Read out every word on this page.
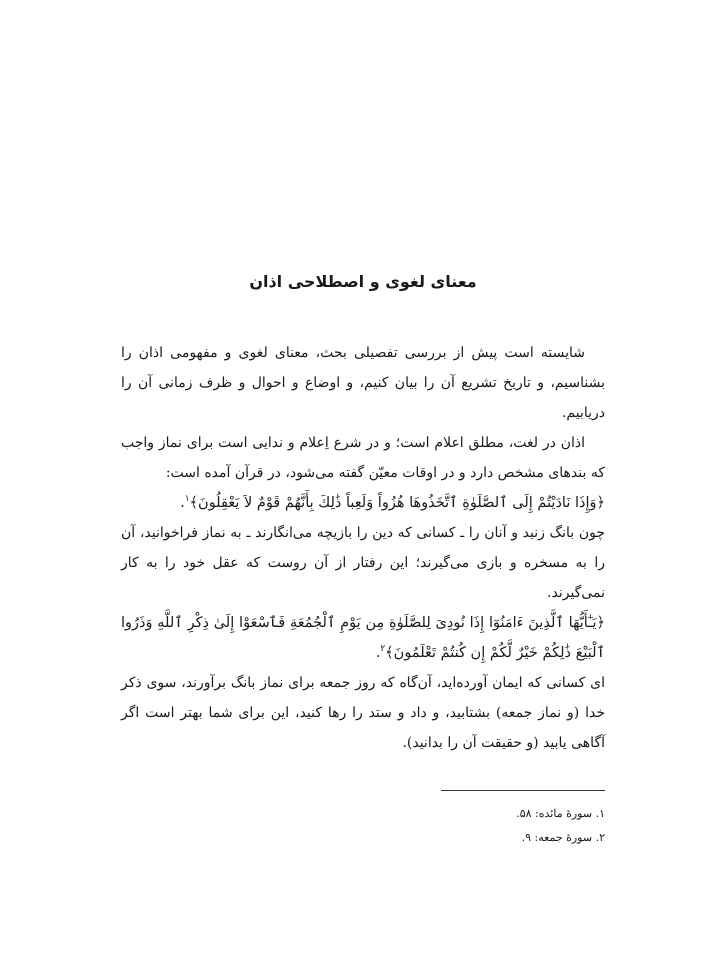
معنای لغوی و اصطلاحی اذان

شایسته است پیش از بررسی تفصیلی بحث، معنای لغوی و مفهومی اذان را بشناسیم، و تاریخ تشریع آن را بیان کنیم، و اوضاع و احوال و ظرف زمانی آن را دریابیم.

اذان در لغت، مطلق اعلام است؛ و در شرع اِعلام و ندایی است برای نماز واجب که بندهای مشخص دارد و در اوقات معیّن گفته می‌شود، در قرآن آمده است:

﴿وَإِذَا نَادَيْتُمْ إِلَى ٱلصَّلَوٰةِ ٱتَّخَذُوهَا هُزُواً وَلَعِباً ذَٰلِكَ بِأَنَّهُمْ قَوْمٌ لاَ يَعْقِلُونَ﴾$^۱$.

چون بانگ زنید و آنان را ـ کسانی که دین را بازیچه می‌انگارند ـ به نماز فرا‌خوانید، آن را به مسخره و بازی می‌گیرند؛ این رفتار از آن روست که عقل خود را به کار نمی‌گیرند.

﴿يَـٰٓأَيُّهَا ٱلَّذِينَ ءَامَنُوٓا إِذَا نُودِىَ لِلصَّلَوٰةِ مِن يَوْمِ ٱلْجُمُعَةِ فَٱسْعَوْا إِلَىٰ ذِكْرِ ٱللَّهِ وَذَرُوا ٱلْبَيْعَ ذَٰلِكُمْ خَيْرٌ لَّكُمْ إِن كُنتُمْ تَعْلَمُونَ﴾$^۲$.

ای کسانی که ایمان آورده‌اید، آن‌گاه که روز جمعه برای نماز بانگ برآورند، سوی ذکر خدا (و نماز جمعه) بشتابید، و داد و ستد را رها کنید، این برای شما بهتر است اگر آگاهی یابید (و حقیقت آن را بدانید).

۱. سورهٔ مائده: ۵۸.
۲. سورهٔ جمعه: ۹.
